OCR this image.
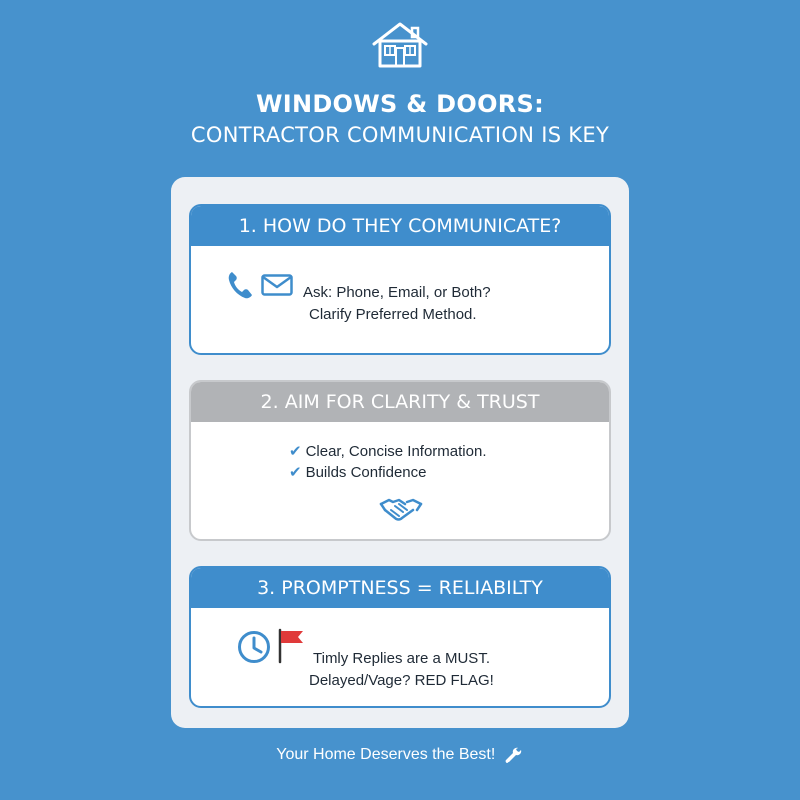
WINDOWS & DOORS:
CONTRACTOR COMMUNICATION IS KEY
1. HOW DO THEY COMMUNICATE?
Ask: Phone, Email, or Both?
Clarify Preferred Method.
2. AIM FOR CLARITY & TRUST
✔ Clear, Concise Information.
✔ Builds Confidence
3. PROMPTNESS = RELIABILTY
Timly Replies are a MUST.
Delayed/Vage? RED FLAG!
Your Home Deserves the Best!
